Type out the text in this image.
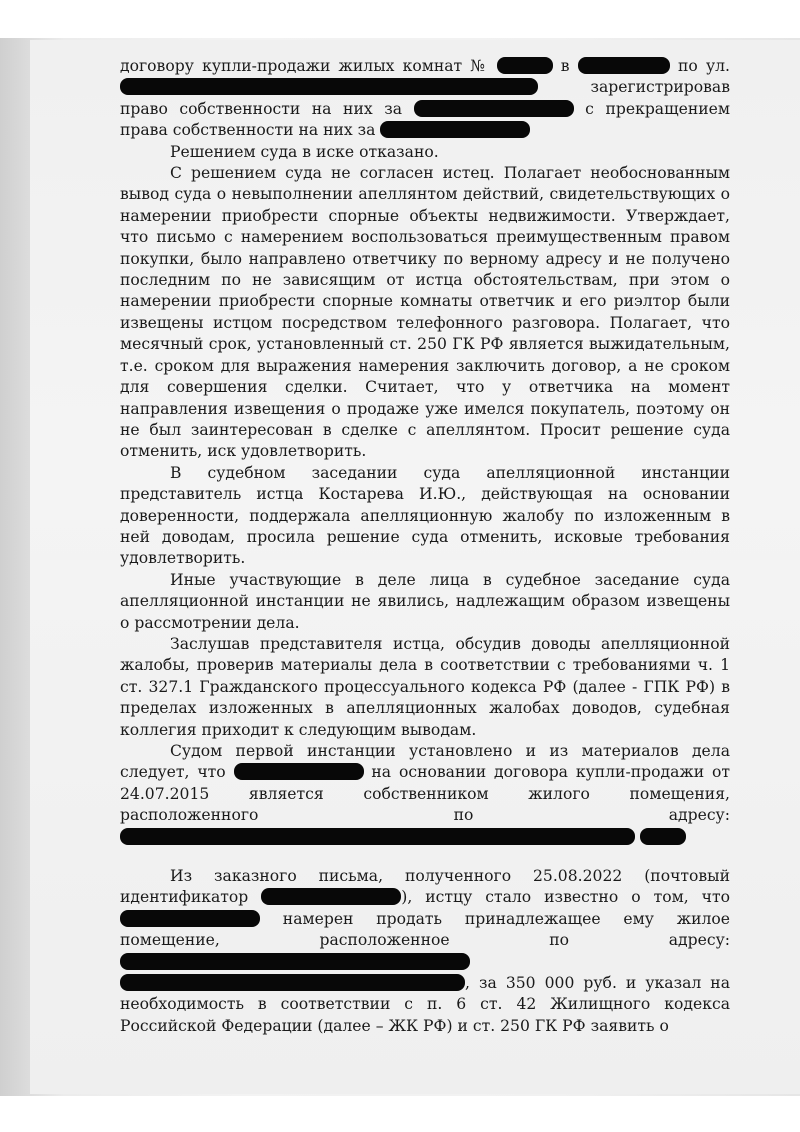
договору купли-продажи жилых комнат №	в	по ул.  зарегистрировав право собственности на них за	с прекращением права собственности на них за

Решением суда в иске отказано.

С решением суда не согласен истец. Полагает необоснованным вывод суда о невыполнении апеллянтом действий, свидетельствующих о намерении приобрести спорные объекты недвижимости. Утверждает, что письмо с намерением воспользоваться преимущественным правом покупки, было направлено ответчику по верному адресу и не получено последним по не зависящим от истца обстоятельствам, при этом о намерении приобрести спорные комнаты ответчик и его риэлтор были извещены истцом посредством телефонного разговора. Полагает, что месячный срок, установленный ст. 250 ГК РФ является выжидательным, т.е. сроком для выражения намерения заключить договор, а не сроком для совершения сделки. Считает, что у ответчика на момент направления извещения о продаже уже имелся покупатель, поэтому он не был заинтересован в сделке с апеллянтом. Просит решение суда отменить, иск удовлетворить.

В судебном заседании суда апелляционной инстанции представитель истца Костарева И.Ю., действующая на основании доверенности, поддержала апелляционную жалобу по изложенным в ней доводам, просила решение суда отменить, исковые требования удовлетворить.

Иные участвующие в деле лица в судебное заседание суда апелляционной инстанции не явились, надлежащим образом извещены о рассмотрении дела.

Заслушав представителя истца, обсудив доводы апелляционной жалобы, проверив материалы дела в соответствии с требованиями ч. 1 ст. 327.1 Гражданского процессуального кодекса РФ (далее - ГПК РФ) в пределах изложенных в апелляционных жалобах доводов, судебная коллегия приходит к следующим выводам.

Судом первой инстанции установлено и из материалов дела следует, что	на основании договора купли-продажи от 24.07.2015 является собственником жилого помещения, расположенного по адресу:

Из заказного письма, полученного 25.08.2022 (почтовый идентификатор	), истцу стало известно о том, что  намерен продать принадлежащее ему жилое помещение, расположенное по адресу:  , за 350 000 руб. и указал на необходимость в соответствии с п. 6 ст. 42 Жилищного кодекса Российской Федерации (далее – ЖК РФ) и ст. 250 ГК РФ заявить о
